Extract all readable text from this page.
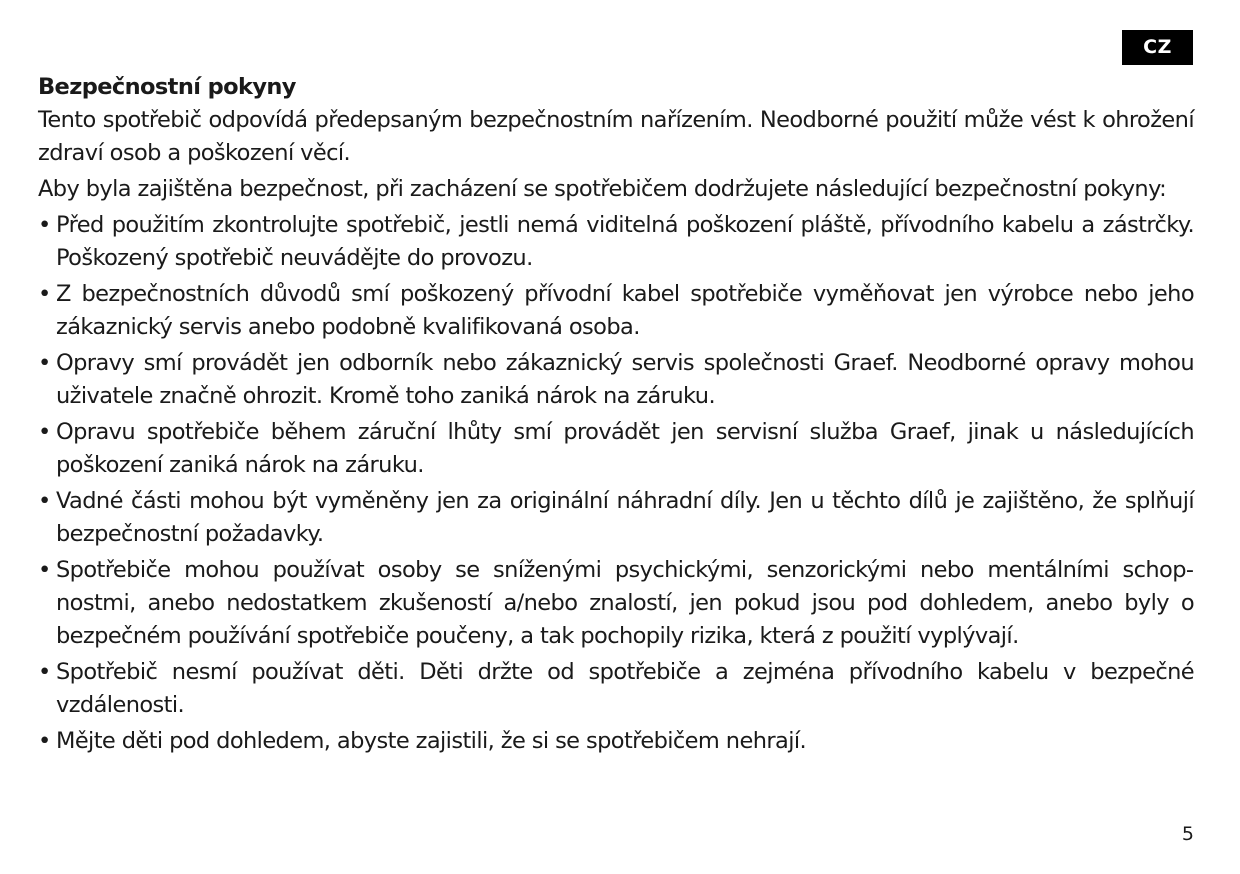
CZ
Bezpečnostní pokyny

Tento spotřebič odpovídá předepsaným bezpečnostním nařízením. Neodborné použití může vést k ohrožení zdraví osob a poškození věcí.

Aby byla zajištěna bezpečnost, při zacházení se spotřebičem dodržujete následující bezpečnostní pokyny:

• Před použitím zkontrolujte spotřebič, jestli nemá viditelná poškození pláště, přívodního kabelu a zástrčky. Poškozený spotřebič neuvádějte do provozu.
• Z bezpečnostních důvodů smí poškozený přívodní kabel spotřebiče vyměňovat jen výrobce nebo jeho zákaznický servis anebo podobně kvalifikovaná osoba.
• Opravy smí provádět jen odborník nebo zákaznický servis společnosti Graef. Neodborné opravy mohou uživatele značně ohrozit. Kromě toho zaniká nárok na záruku.
• Opravu spotřebiče během záruční lhůty smí provádět jen servisní služba Graef, jinak u následujících poškození zaniká nárok na záruku.
• Vadné části mohou být vyměněny jen za originální náhradní díly. Jen u těchto dílů je zajištěno, že splňují bezpečnostní požadavky.
• Spotřebiče mohou používat osoby se sníženými psychickými, senzorickými nebo mentálními schopnostmi, anebo nedostatkem zkušeností a/nebo znalostí, jen pokud jsou pod dohledem, anebo byly o bezpečném používání spotřebiče poučeny, a tak pochopily rizika, která z použití vyplývají.
• Spotřebič nesmí používat děti. Děti držte od spotřebiče a zejména přívodního kabelu v bezpečné vzdálenosti.
• Mějte děti pod dohledem, abyste zajistili, že si se spotřebičem nehrají.
5
